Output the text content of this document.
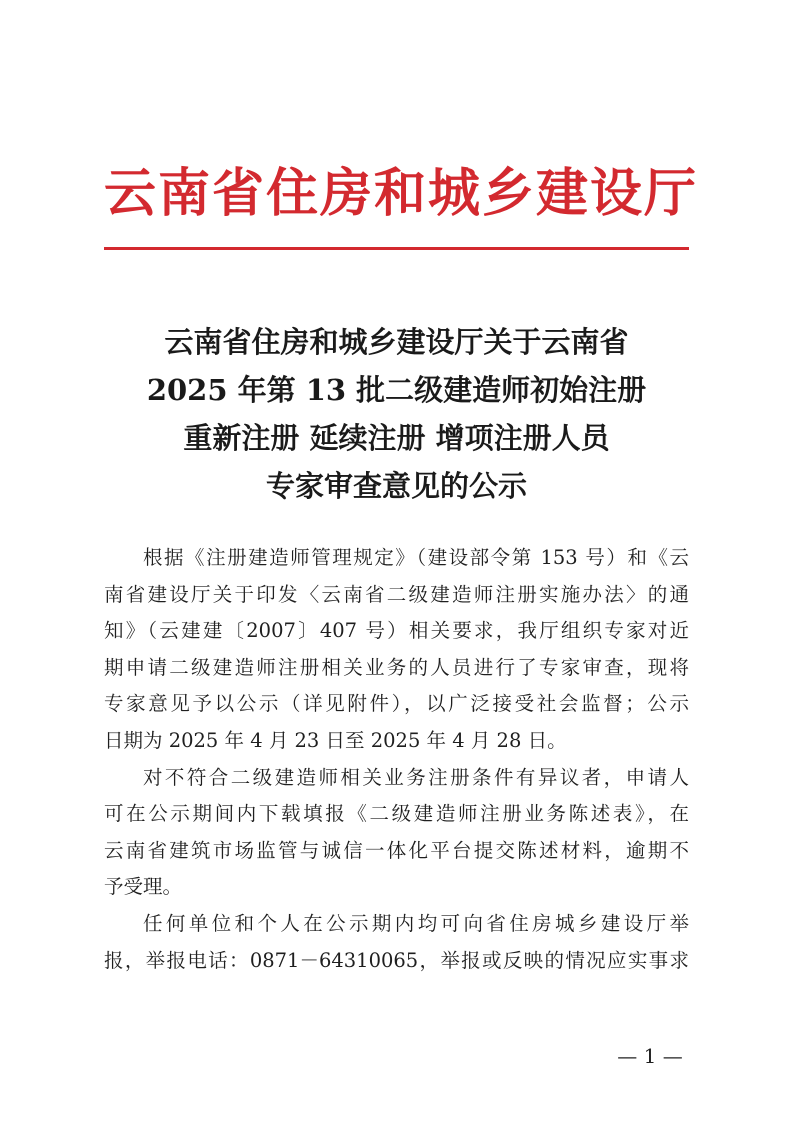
云南省住房和城乡建设厅
云南省住房和城乡建设厅关于云南省
2025 年第 13 批二级建造师初始注册
重新注册 延续注册 增项注册人员
专家审查意见的公示
根据《注册建造师管理规定》（建设部令第 153 号）和《云
南省建设厅关于印发〈云南省二级建造师注册实施办法〉的通
知》（云建建〔2007〕407 号）相关要求，我厅组织专家对近
期申请二级建造师注册相关业务的人员进行了专家审查，现将
专家意见予以公示（详见附件），以广泛接受社会监督；公示
日期为 2025 年 4 月 23 日至 2025 年 4 月 28 日。
对不符合二级建造师相关业务注册条件有异议者，申请人
可在公示期间内下载填报《二级建造师注册业务陈述表》，在
云南省建筑市场监管与诚信一体化平台提交陈述材料，逾期不
予受理。
任何单位和个人在公示期内均可向省住房城乡建设厅举
报，举报电话：0871－64310065，举报或反映的情况应实事求
— 1 —
